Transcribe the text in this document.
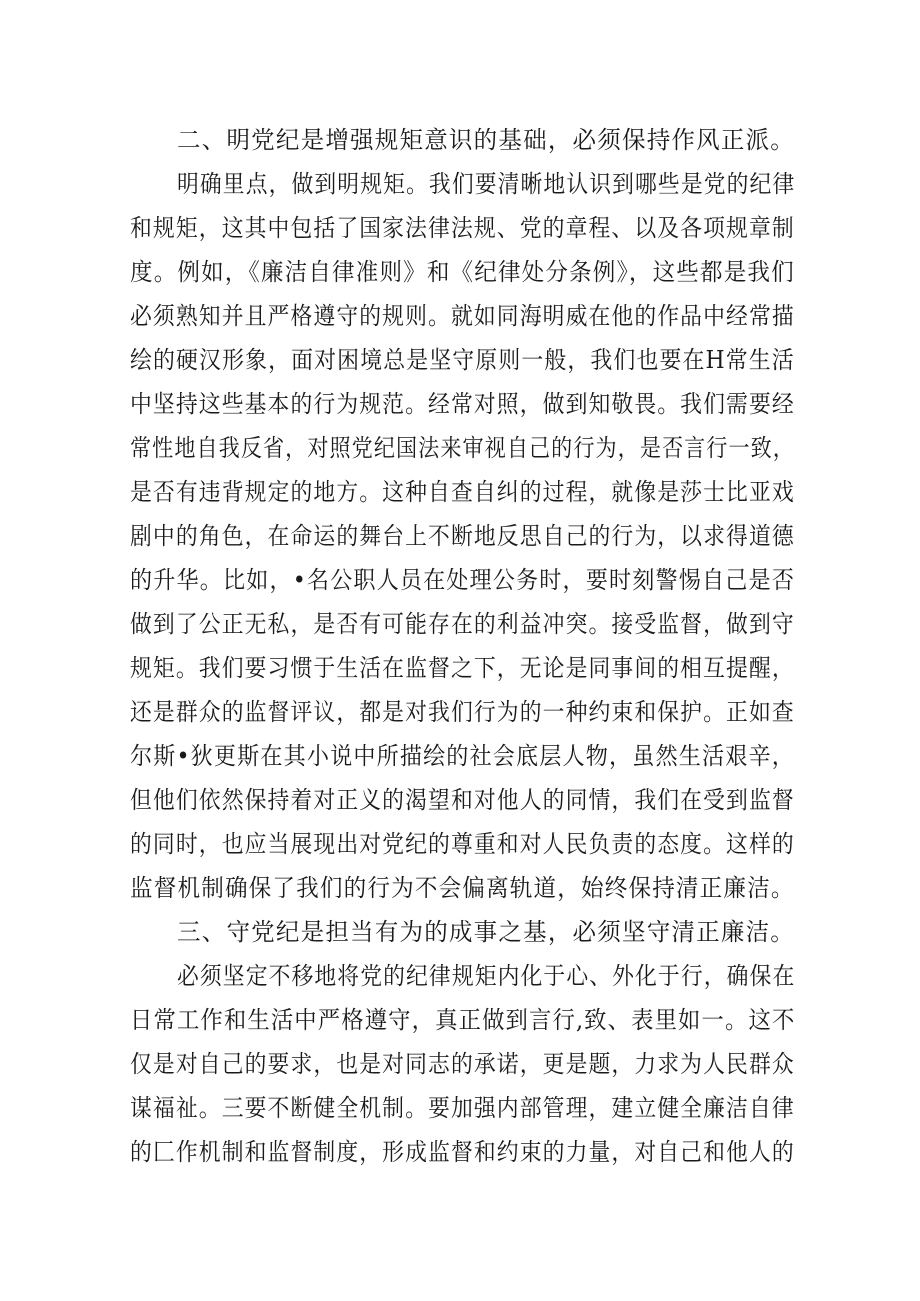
二、明党纪是增强规矩意识的基础，必须保持作风正派。
明确里点，做到明规矩。我们要清晰地认识到哪些是党的纪律
和规矩，这其中包括了国家法律法规、党的章程、以及各项规章制
度。例如，《廉洁自律准则》和《纪律处分条例》，这些都是我们
必须熟知并且严格遵守的规则。就如同海明威在他的作品中经常描
绘的硬汉形象，面对困境总是坚守原则一般，我们也要在H常生活
中坚持这些基本的行为规范。经常对照，做到知敬畏。我们需要经
常性地自我反省，对照党纪国法来审视自己的行为，是否言行一致，
是否有违背规定的地方。这种自查自纠的过程，就像是莎士比亚戏
剧中的角色，在命运的舞台上不断地反思自己的行为，以求得道德
的升华。比如，•名公职人员在处理公务时，要时刻警惕自己是否
做到了公正无私，是否有可能存在的利益冲突。接受监督，做到守
规矩。我们要习惯于生活在监督之下，无论是同事间的相互提醒，
还是群众的监督评议，都是对我们行为的一种约束和保护。正如查
尔斯•狄更斯在其小说中所描绘的社会底层人物，虽然生活艰辛，
但他们依然保持着对正义的渴望和对他人的同情，我们在受到监督
的同时，也应当展现出对党纪的尊重和对人民负责的态度。这样的
监督机制确保了我们的行为不会偏离轨道，始终保持清正廉洁。
三、守党纪是担当有为的成事之基，必须坚守清正廉洁。
必须坚定不移地将党的纪律规矩内化于心、外化于行，确保在
日常工作和生活中严格遵守，真正做到言行,致、表里如一。这不
仅是对自己的要求，也是对同志的承诺，更是题，力求为人民群众
谋福祉。三要不断健全机制。要加强内部管理，建立健全廉洁自律
的匚作机制和监督制度，形成监督和约束的力量，对自己和他人的
